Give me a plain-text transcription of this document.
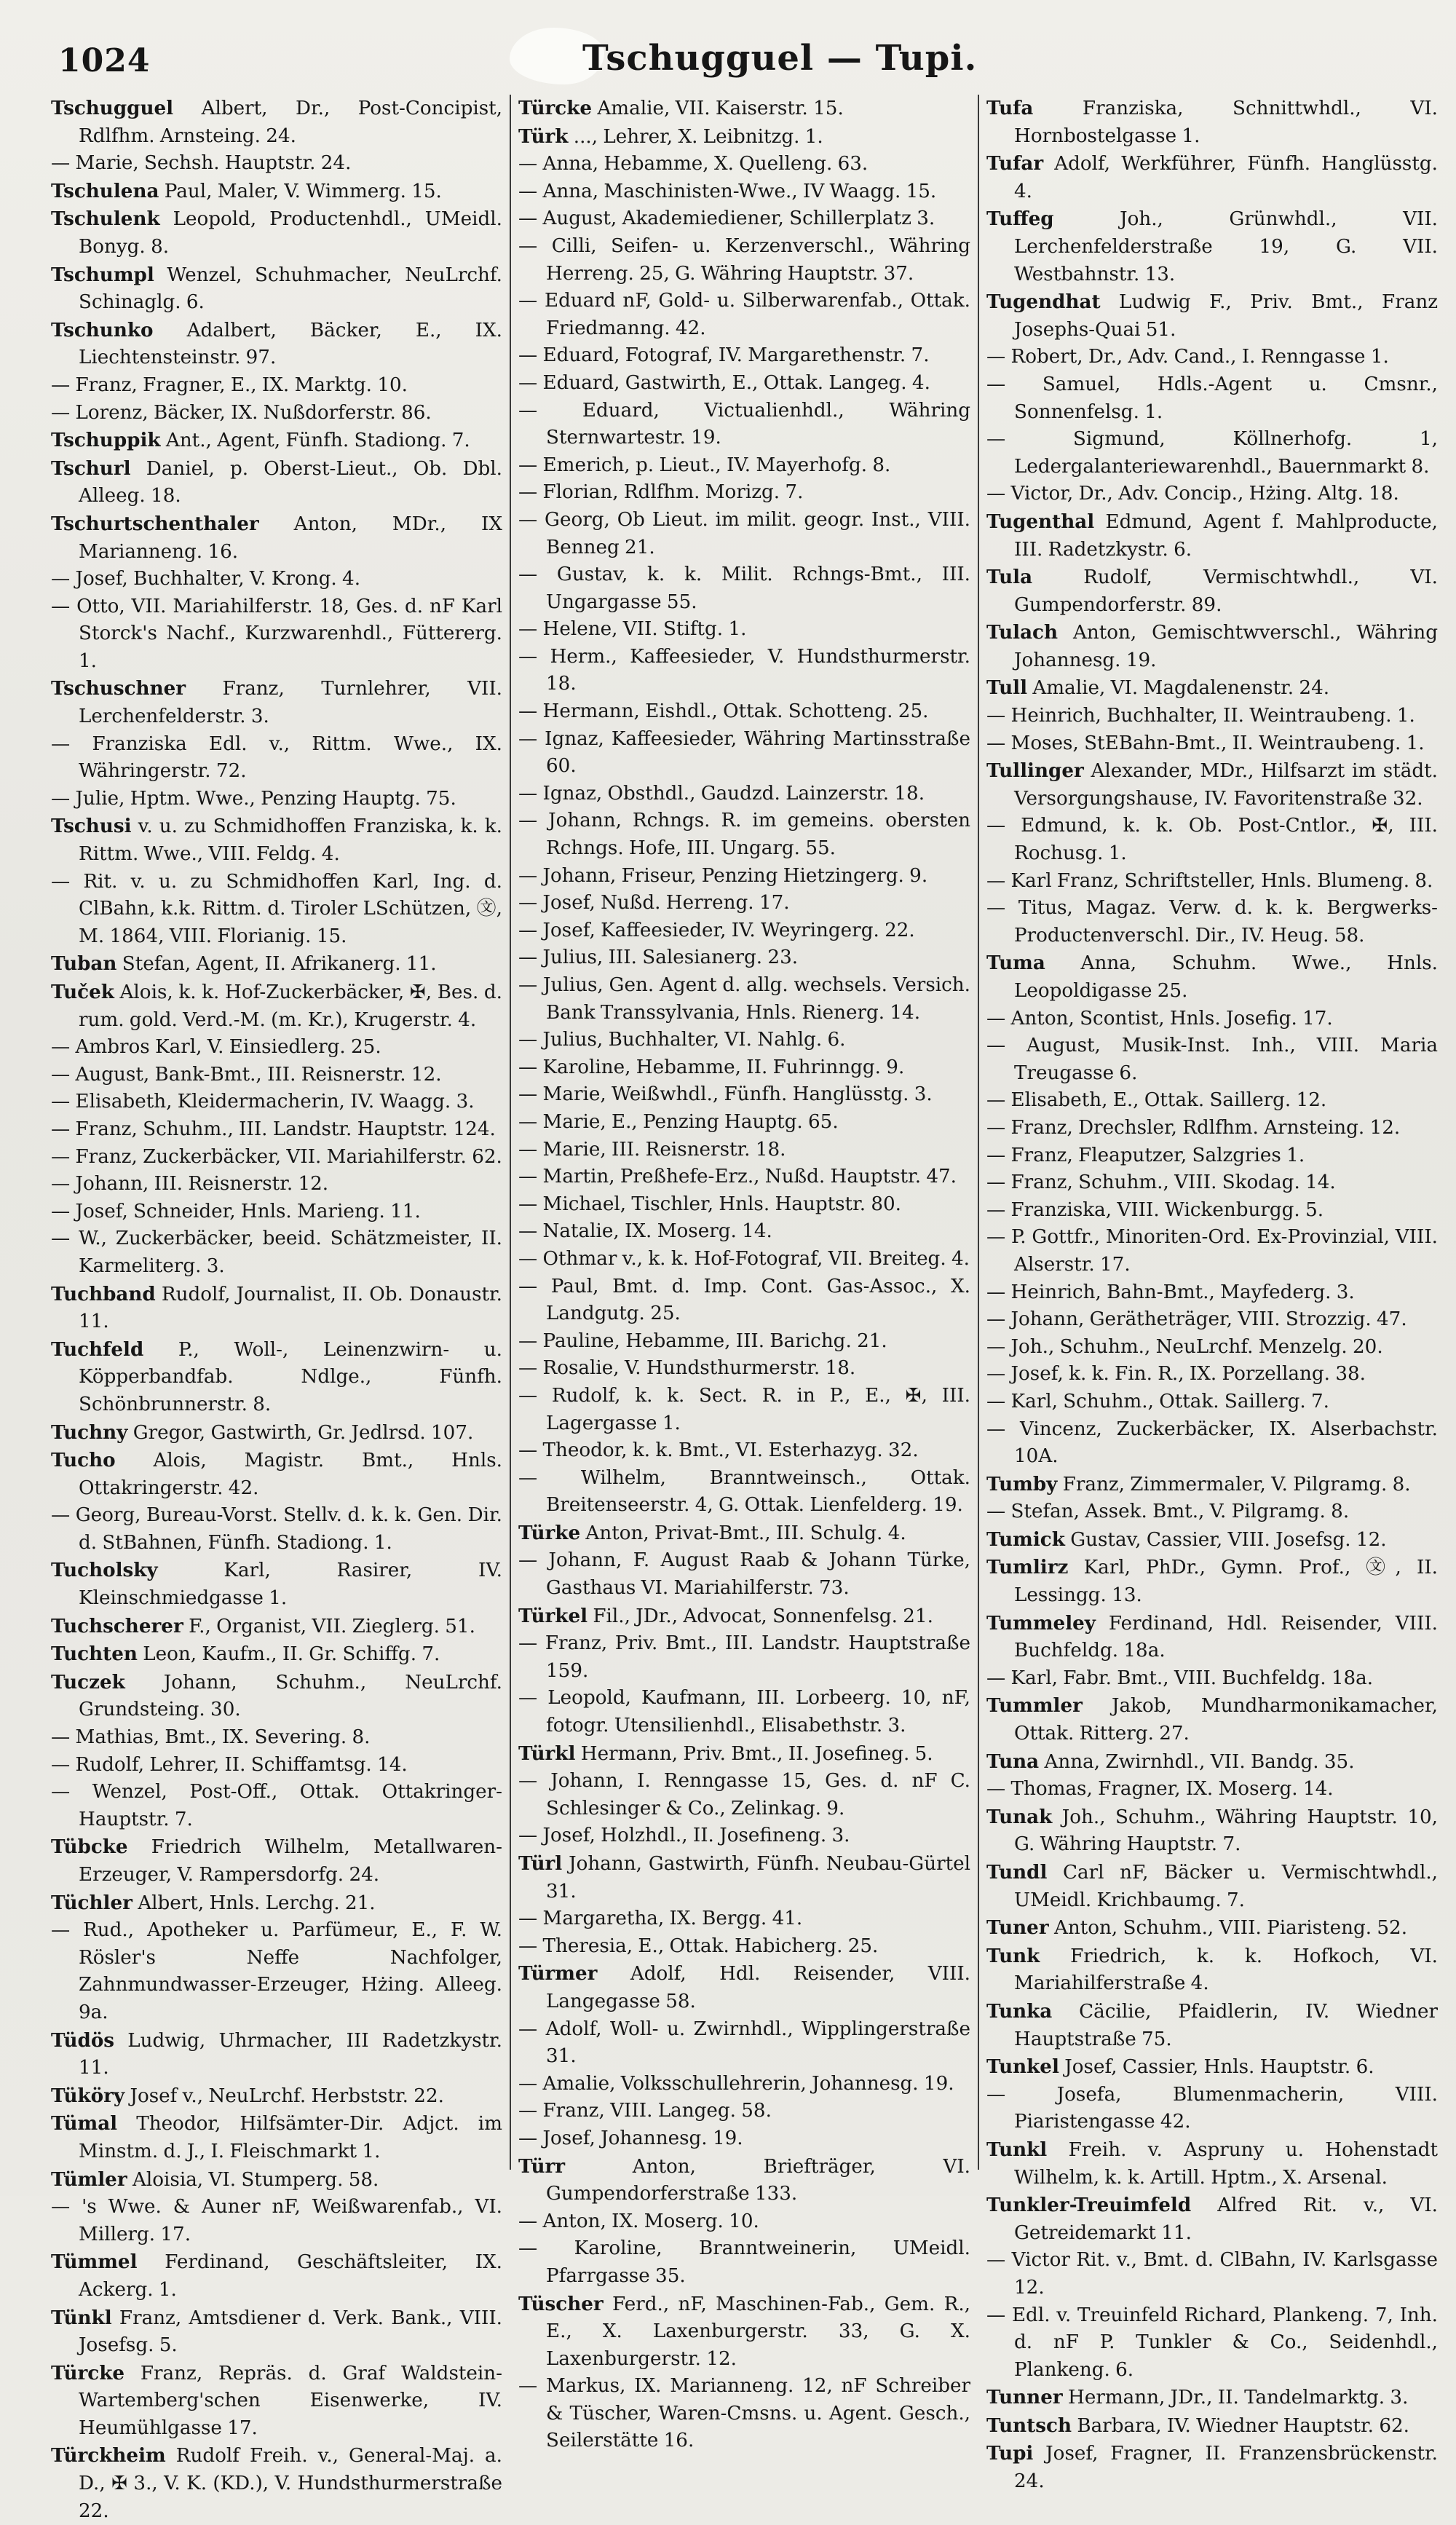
1024	Tschugguel — Tupi.
Tschugguel Albert, Dr., Post-Concipist, Rdlfhm. Arnsteing. 24.
— Marie, Sechsh. Hauptstr. 24.
Tschulena Paul, Maler, V. Wimmerg. 15.
Tschulenk Leopold, Productenhdl., UMeidl. Bonyg. 8.
Tschumpl Wenzel, Schuhmacher, NeuLrchf. Schinaglg. 6.
Tschunko Adalbert, Bäcker, E., IX. Liechtensteinstr. 97.
— Franz, Fragner, E., IX. Marktg. 10.
— Lorenz, Bäcker, IX. Nußdorferstr. 86.
Tschuppik Ant., Agent, Fünfh. Stadiong. 7.
Tschurl Daniel, p. Oberst-Lieut., Ob. Dbl. Alleeg. 18.
Tschurtschenthaler Anton, MDr., IX Marianneng. 16.
— Josef, Buchhalter, V. Krong. 4.
— Otto, VII. Mariahilferstr. 18, Ges. d. nF Karl Storck's Nachf., Kurzwarenhdl., Füttererg. 1.
Tschuschner Franz, Turnlehrer, VII. Lerchenfelderstr. 3.
— Franziska Edl. v., Rittm. Wwe., IX. Währingerstr. 72.
— Julie, Hptm. Wwe., Penzing Hauptg. 75.
Tschusi v. u. zu Schmidhoffen Franziska, k. k. Rittm. Wwe., VIII. Feldg. 4.
— Rit. v. u. zu Schmidhoffen Karl, Ing. d. ClBahn, k.k. Rittm. d. Tiroler LSchützen, ㉆, M. 1864, VIII. Florianig. 15.
Tuban Stefan, Agent, II. Afrikanerg. 11.
Tuček Alois, k. k. Hof-Zuckerbäcker, ✠, Bes. d. rum. gold. Verd.-M. (m. Kr.), Krugerstr. 4.
— Ambros Karl, V. Einsiedlerg. 25.
— August, Bank-Bmt., III. Reisnerstr. 12.
— Elisabeth, Kleidermacherin, IV. Waagg. 3.
— Franz, Schuhm., III. Landstr. Hauptstr. 124.
— Franz, Zuckerbäcker, VII. Mariahilferstr. 62.
— Johann, III. Reisnerstr. 12.
— Josef, Schneider, Hnls. Marieng. 11.
— W., Zuckerbäcker, beeid. Schätzmeister, II. Karmeliterg. 3.
Tuchband Rudolf, Journalist, II. Ob. Donaustr. 11.
Tuchfeld P., Woll-, Leinenzwirn- u. Köpperbandfab. Ndlge., Fünfh. Schönbrunnerstr. 8.
Tuchny Gregor, Gastwirth, Gr. Jedlrsd. 107.
Tucho Alois, Magistr. Bmt., Hnls. Ottakringerstr. 42.
— Georg, Bureau-Vorst. Stellv. d. k. k. Gen. Dir. d. StBahnen, Fünfh. Stadiong. 1.
Tucholsky Karl, Rasirer, IV. Kleinschmiedgasse 1.
Tuchscherer F., Organist, VII. Zieglerg. 51.
Tuchten Leon, Kaufm., II. Gr. Schiffg. 7.
Tuczek Johann, Schuhm., NeuLrchf. Grundsteing. 30.
— Mathias, Bmt., IX. Severing. 8.
— Rudolf, Lehrer, II. Schiffamtsg. 14.
— Wenzel, Post-Off., Ottak. Ottakringer-Hauptstr. 7.
Tübcke Friedrich Wilhelm, Metallwaren-Erzeuger, V. Rampersdorfg. 24.
Tüchler Albert, Hnls. Lerchg. 21.
— Rud., Apotheker u. Parfümeur, E., F. W. Rösler's Neffe Nachfolger, Zahnmundwasser-Erzeuger, Hżing. Alleeg. 9a.
Tüdös Ludwig, Uhrmacher, III Radetzkystr. 11.
Tüköry Josef v., NeuLrchf. Herbststr. 22.
Tümal Theodor, Hilfsämter-Dir. Adjct. im Minstm. d. J., I. Fleischmarkt 1.
Tümler Aloisia, VI. Stumperg. 58.
— 's Wwe. & Auner nF, Weißwarenfab., VI. Millerg. 17.
Tümmel Ferdinand, Geschäftsleiter, IX. Ackerg. 1.
Tünkl Franz, Amtsdiener d. Verk. Bank., VIII. Josefsg. 5.
Türcke Franz, Repräs. d. Graf Waldstein-Wartemberg'schen Eisenwerke, IV. Heumühlgasse 17.
Türckheim Rudolf Freih. v., General-Maj. a. D., ✠ 3., V. K. (KD.), V. Hundsthurmerstraße 22.
Türcke Amalie, VII. Kaiserstr. 15.
Türk ..., Lehrer, X. Leibnitzg. 1.
— Anna, Hebamme, X. Quelleng. 63.
— Anna, Maschinisten-Wwe., IV Waagg. 15.
— August, Akademiediener, Schillerplatz 3.
— Cilli, Seifen- u. Kerzenverschl., Währing Herreng. 25, G. Währing Hauptstr. 37.
— Eduard nF, Gold- u. Silberwarenfab., Ottak. Friedmanng. 42.
— Eduard, Fotograf, IV. Margarethenstr. 7.
— Eduard, Gastwirth, E., Ottak. Langeg. 4.
— Eduard, Victualienhdl., Währing Sternwartestr. 19.
— Emerich, p. Lieut., IV. Mayerhofg. 8.
— Florian, Rdlfhm. Morizg. 7.
— Georg, Ob Lieut. im milit. geogr. Inst., VIII. Benneg 21.
— Gustav, k. k. Milit. Rchngs-Bmt., III. Ungargasse 55.
— Helene, VII. Stiftg. 1.
— Herm., Kaffeesieder, V. Hundsthurmerstr. 18.
— Hermann, Eishdl., Ottak. Schotteng. 25.
— Ignaz, Kaffeesieder, Währing Martinsstraße 60.
— Ignaz, Obsthdl., Gaudzd. Lainzerstr. 18.
— Johann, Rchngs. R. im gemeins. obersten Rchngs. Hofe, III. Ungarg. 55.
— Johann, Friseur, Penzing Hietzingerg. 9.
— Josef, Nußd. Herreng. 17.
— Josef, Kaffeesieder, IV. Weyringerg. 22.
— Julius, III. Salesianerg. 23.
— Julius, Gen. Agent d. allg. wechsels. Versich. Bank Transsylvania, Hnls. Rienerg. 14.
— Julius, Buchhalter, VI. Nahlg. 6.
— Karoline, Hebamme, II. Fuhrinngg. 9.
— Marie, Weißwhdl., Fünfh. Hanglüsstg. 3.
— Marie, E., Penzing Hauptg. 65.
— Marie, III. Reisnerstr. 18.
— Martin, Preßhefe-Erz., Nußd. Hauptstr. 47.
— Michael, Tischler, Hnls. Hauptstr. 80.
— Natalie, IX. Moserg. 14.
— Othmar v., k. k. Hof-Fotograf, VII. Breiteg. 4.
— Paul, Bmt. d. Imp. Cont. Gas-Assoc., X. Landgutg. 25.
— Pauline, Hebamme, III. Barichg. 21.
— Rosalie, V. Hundsthurmerstr. 18.
— Rudolf, k. k. Sect. R. in P., E., ✠, III. Lagergasse 1.
— Theodor, k. k. Bmt., VI. Esterhazyg. 32.
— Wilhelm, Branntweinsch., Ottak. Breitenseerstr. 4, G. Ottak. Lienfelderg. 19.
Türke Anton, Privat-Bmt., III. Schulg. 4.
— Johann, F. August Raab & Johann Türke, Gasthaus VI. Mariahilferstr. 73.
Türkel Fil., JDr., Advocat, Sonnenfelsg. 21.
— Franz, Priv. Bmt., III. Landstr. Hauptstraße 159.
— Leopold, Kaufmann, III. Lorbeerg. 10, nF, fotogr. Utensilienhdl., Elisabethstr. 3.
Türkl Hermann, Priv. Bmt., II. Josefineg. 5.
— Johann, I. Renngasse 15, Ges. d. nF C. Schlesinger & Co., Zelinkag. 9.
— Josef, Holzhdl., II. Josefineng. 3.
Türl Johann, Gastwirth, Fünfh. Neubau-Gürtel 31.
— Margaretha, IX. Bergg. 41.
— Theresia, E., Ottak. Habicherg. 25.
Türmer Adolf, Hdl. Reisender, VIII. Langegasse 58.
— Adolf, Woll- u. Zwirnhdl., Wipplingerstraße 31.
— Amalie, Volksschullehrerin, Johannesg. 19.
— Franz, VIII. Langeg. 58.
— Josef, Johannesg. 19.
Türr Anton, Briefträger, VI. Gumpendorferstraße 133.
— Anton, IX. Moserg. 10.
— Karoline, Branntweinerin, UMeidl. Pfarrgasse 35.
Tüscher Ferd., nF, Maschinen-Fab., Gem. R., E., X. Laxenburgerstr. 33, G. X. Laxenburgerstr. 12.
— Markus, IX. Marianneng. 12, nF Schreiber & Tüscher, Waren-Cmsns. u. Agent. Gesch., Seilerstätte 16.
Tufa Franziska, Schnittwhdl., VI. Hornbostelgasse 1.
Tufar Adolf, Werkführer, Fünfh. Hanglüsstg. 4.
Tuffeg Joh., Grünwhdl., VII. Lerchenfelderstraße 19, G. VII. Westbahnstr. 13.
Tugendhat Ludwig F., Priv. Bmt., Franz Josephs-Quai 51.
— Robert, Dr., Adv. Cand., I. Renngasse 1.
— Samuel, Hdls.-Agent u. Cmsnr., Sonnenfelsg. 1.
— Sigmund, Köllnerhofg. 1, Ledergalanteriewarenhdl., Bauernmarkt 8.
— Victor, Dr., Adv. Concip., Hżing. Altg. 18.
Tugenthal Edmund, Agent f. Mahlproducte, III. Radetzkystr. 6.
Tula Rudolf, Vermischtwhdl., VI. Gumpendorferstr. 89.
Tulach Anton, Gemischtwverschl., Währing Johannesg. 19.
Tull Amalie, VI. Magdalenenstr. 24.
— Heinrich, Buchhalter, II. Weintraubeng. 1.
— Moses, StEBahn-Bmt., II. Weintraubeng. 1.
Tullinger Alexander, MDr., Hilfsarzt im städt. Versorgungshause, IV. Favoritenstraße 32.
— Edmund, k. k. Ob. Post-Cntlor., ✠, III. Rochusg. 1.
— Karl Franz, Schriftsteller, Hnls. Blumeng. 8.
— Titus, Magaz. Verw. d. k. k. Bergwerks-Productenverschl. Dir., IV. Heug. 58.
Tuma Anna, Schuhm. Wwe., Hnls. Leopoldigasse 25.
— Anton, Scontist, Hnls. Josefig. 17.
— August, Musik-Inst. Inh., VIII. Maria Treugasse 6.
— Elisabeth, E., Ottak. Saillerg. 12.
— Franz, Drechsler, Rdlfhm. Arnsteing. 12.
— Franz, Fleaputzer, Salzgries 1.
— Franz, Schuhm., VIII. Skodag. 14.
— Franziska, VIII. Wickenburgg. 5.
— P. Gottfr., Minoriten-Ord. Ex-Provinzial, VIII. Alserstr. 17.
— Heinrich, Bahn-Bmt., Mayfederg. 3.
— Johann, Gerätheträger, VIII. Strozzig. 47.
— Joh., Schuhm., NeuLrchf. Menzelg. 20.
— Josef, k. k. Fin. R., IX. Porzellang. 38.
— Karl, Schuhm., Ottak. Saillerg. 7.
— Vincenz, Zuckerbäcker, IX. Alserbachstr. 10A.
Tumby Franz, Zimmermaler, V. Pilgramg. 8.
— Stefan, Assek. Bmt., V. Pilgramg. 8.
Tumick Gustav, Cassier, VIII. Josefsg. 12.
Tumlirz Karl, PhDr., Gymn. Prof., ㉆, II. Lessingg. 13.
Tummeley Ferdinand, Hdl. Reisender, VIII. Buchfeldg. 18a.
— Karl, Fabr. Bmt., VIII. Buchfeldg. 18a.
Tummler Jakob, Mundharmonikamacher, Ottak. Ritterg. 27.
Tuna Anna, Zwirnhdl., VII. Bandg. 35.
— Thomas, Fragner, IX. Moserg. 14.
Tunak Joh., Schuhm., Währing Hauptstr. 10, G. Währing Hauptstr. 7.
Tundl Carl nF, Bäcker u. Vermischtwhdl., UMeidl. Krichbaumg. 7.
Tuner Anton, Schuhm., VIII. Piaristeng. 52.
Tunk Friedrich, k. k. Hofkoch, VI. Mariahilferstraße 4.
Tunka Cäcilie, Pfaidlerin, IV. Wiedner Hauptstraße 75.
Tunkel Josef, Cassier, Hnls. Hauptstr. 6.
— Josefa, Blumenmacherin, VIII. Piaristengasse 42.
Tunkl Freih. v. Aspruny u. Hohenstadt Wilhelm, k. k. Artill. Hptm., X. Arsenal.
Tunkler-Treuimfeld Alfred Rit. v., VI. Getreidemarkt 11.
— Victor Rit. v., Bmt. d. ClBahn, IV. Karlsgasse 12.
— Edl. v. Treuinfeld Richard, Plankeng. 7, Inh. d. nF P. Tunkler & Co., Seidenhdl., Plankeng. 6.
Tunner Hermann, JDr., II. Tandelmarktg. 3.
Tuntsch Barbara, IV. Wiedner Hauptstr. 62.
Tupi Josef, Fragner, II. Franzensbrückenstr. 24.
